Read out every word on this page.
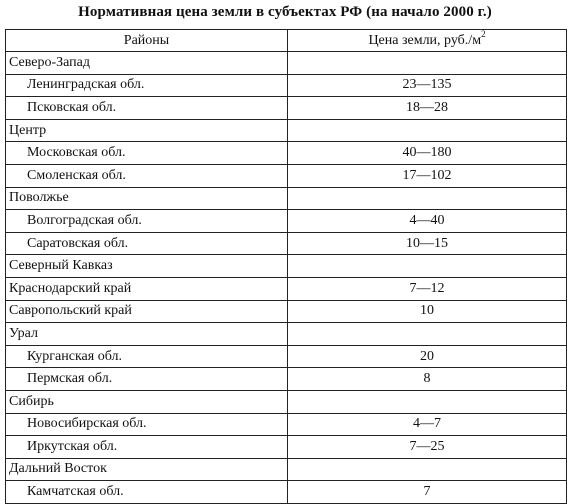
Нормативная цена земли в субъектах РФ (на начало 2000 г.)
Районы	Цена земли, $руб./м^2$
Северо-Запад	
Ленинградская обл.	23—135
Псковская обл.	18—28
Центр	
Московская обл.	40—180
Смоленская обл.	17—102
Поволжье	
Волгоградская обл.	4—40
Саратовская обл.	10—15
Северный Кавказ	
Краснодарский край	7—12
Савропольский край	10
Урал	
Курганская обл.	20
Пермская обл.	8
Сибирь	
Новосибирская обл.	4—7
Иркутская обл.	7—25
Дальний Восток	
Камчатская обл.	7
